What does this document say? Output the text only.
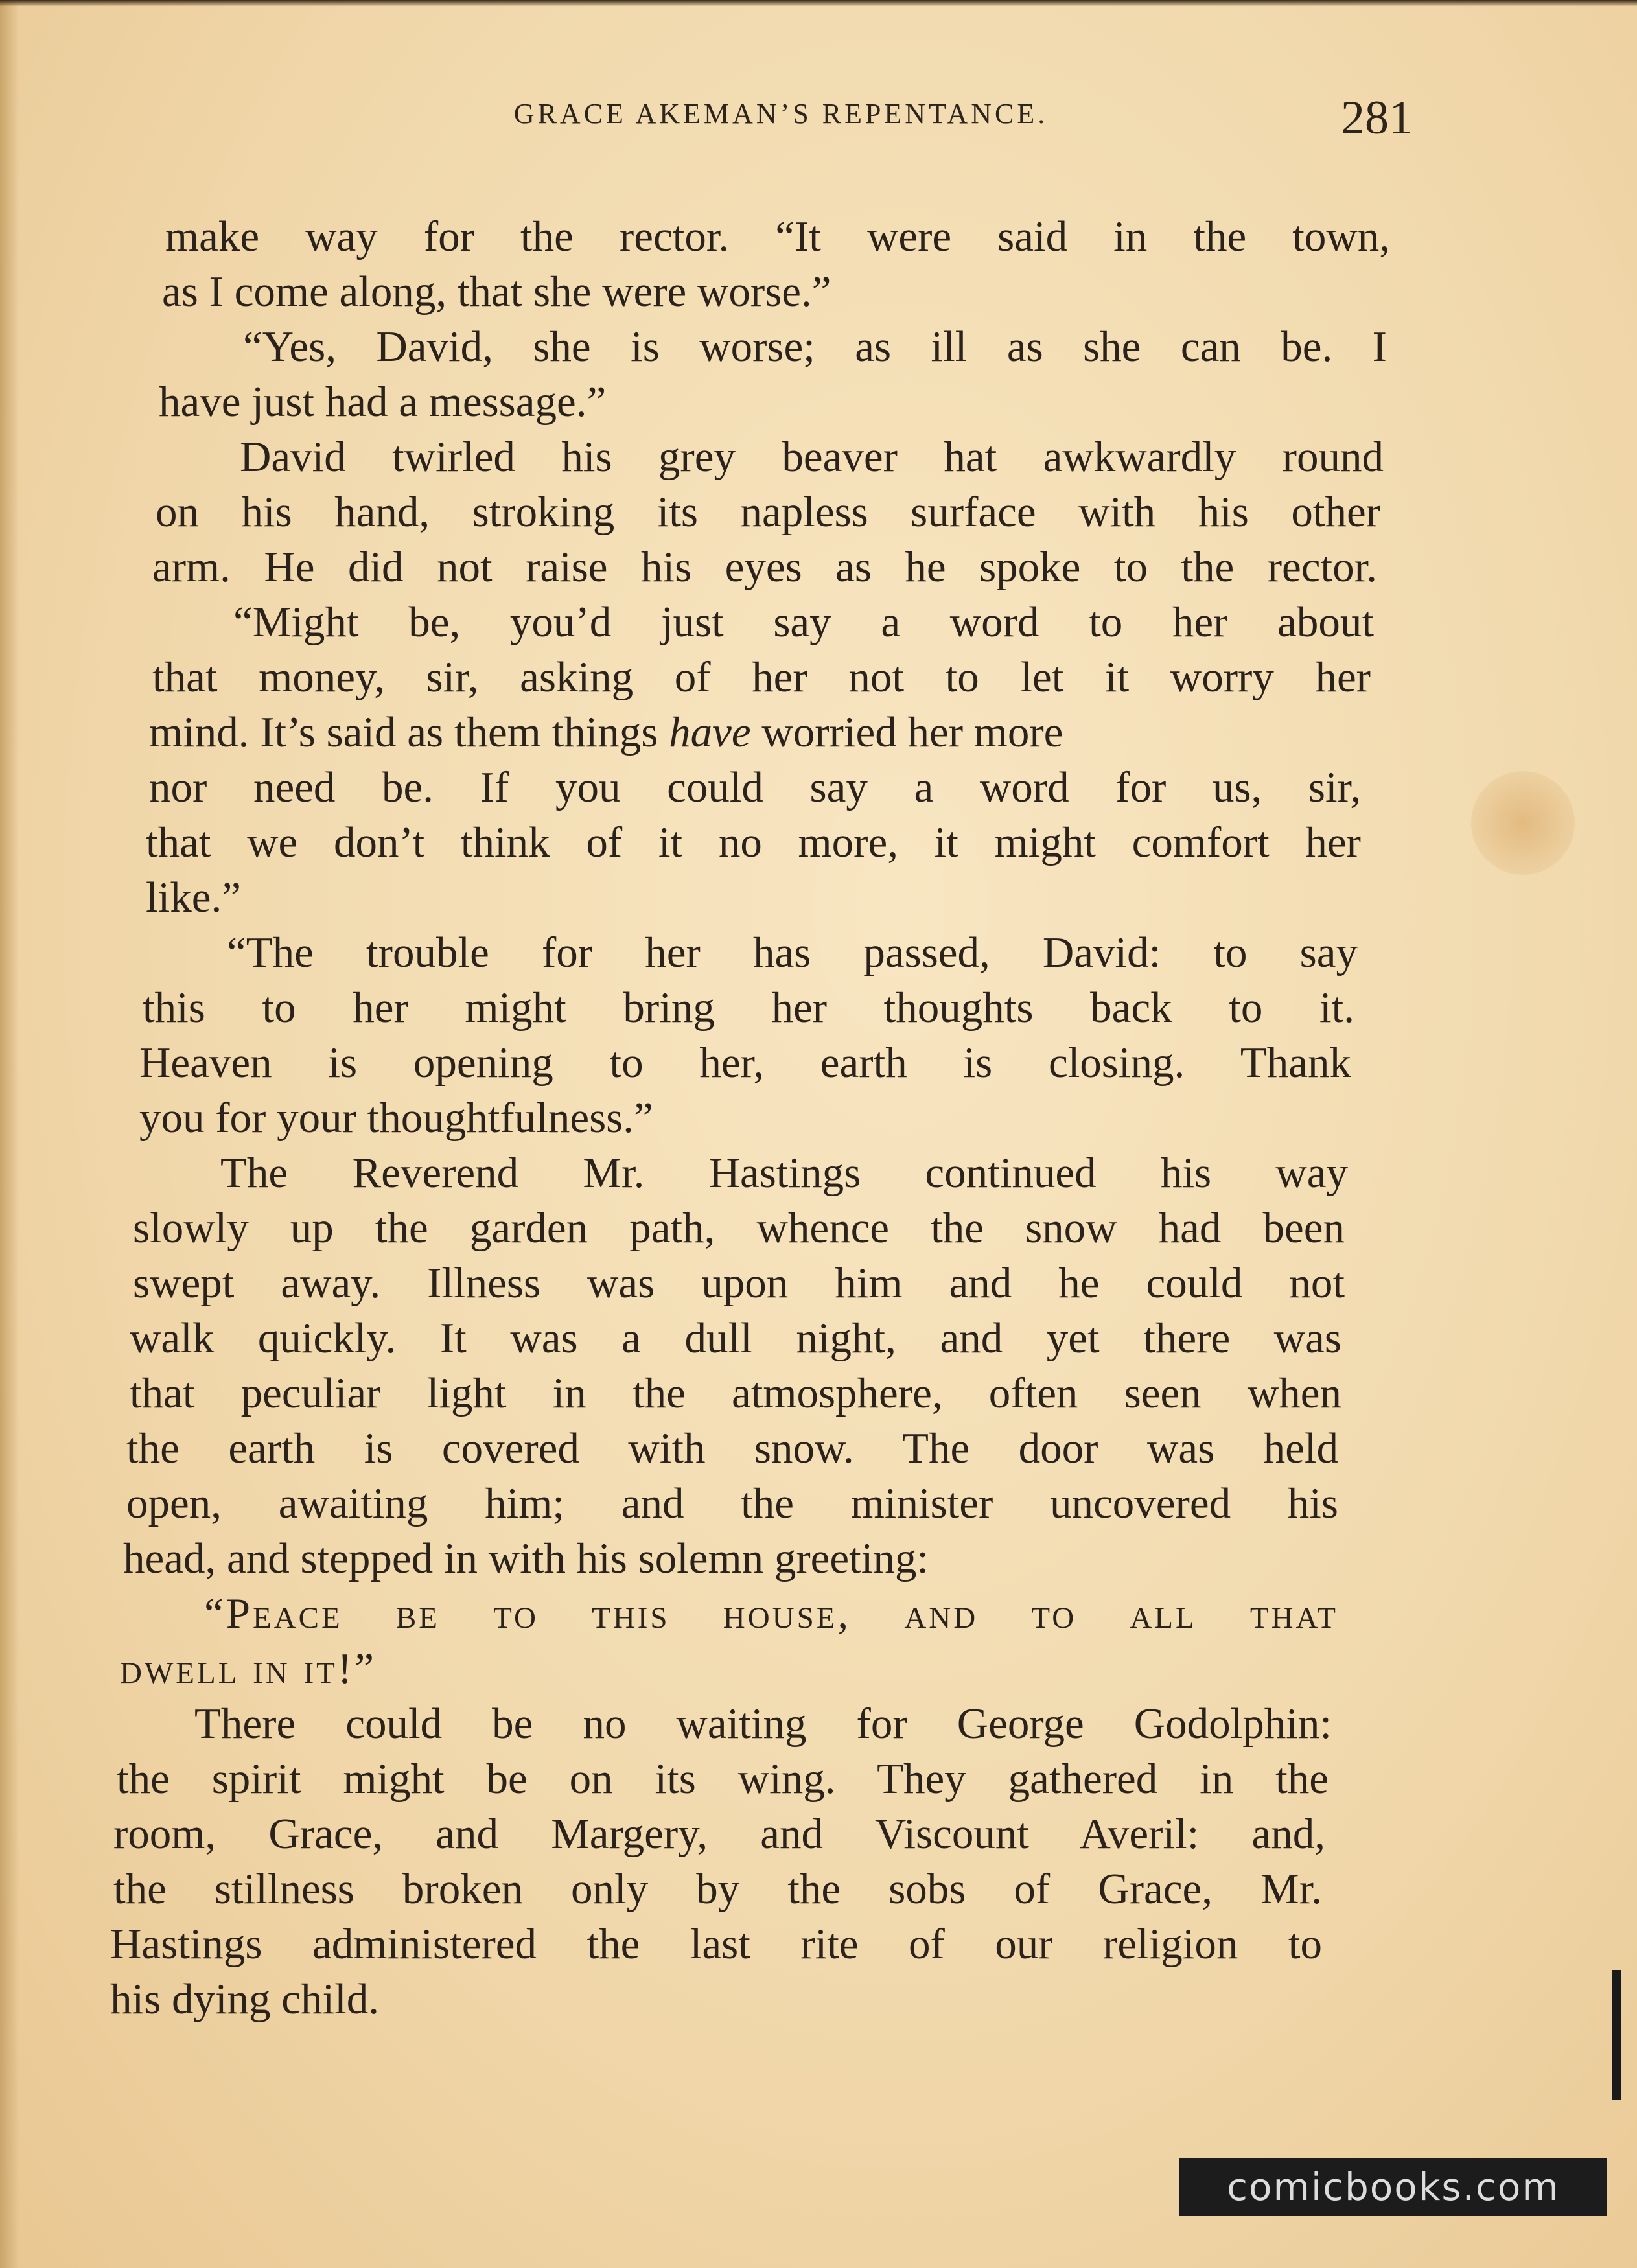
GRACE AKEMAN’S REPENTANCE.	281

make way for the rector. “It were said in the town,

as I come along, that she were worse.”

“Yes, David, she is worse; as ill as she can be. I

have just had a message.”

David twirled his grey beaver hat awkwardly round

on his hand, stroking its napless surface with his other

arm. He did not raise his eyes as he spoke to the rector.

“Might be, you’d just say a word to her about

that money, sir, asking of her not to let it worry her

mind. It’s said as them things have worried her more

nor need be. If you could say a word for us, sir,

that we don’t think of it no more, it might comfort her

like.”

“The trouble for her has passed, David: to say

this to her might bring her thoughts back to it.

Heaven is opening to her, earth is closing. Thank

you for your thoughtfulness.”

The Reverend Mr. Hastings continued his way

slowly up the garden path, whence the snow had been

swept away. Illness was upon him and he could not

walk quickly. It was a dull night, and yet there was

that peculiar light in the atmosphere, often seen when

the earth is covered with snow. The door was held

open, awaiting him; and the minister uncovered his

head, and stepped in with his solemn greeting:

“Peace be to this house, and to all that

dwell in it!”

There could be no waiting for George Godolphin:

the spirit might be on its wing. They gathered in the

room, Grace, and Margery, and Viscount Averil: and,

the stillness broken only by the sobs of Grace, Mr.

Hastings administered the last rite of our religion to

his dying child.

comicbooks.com
